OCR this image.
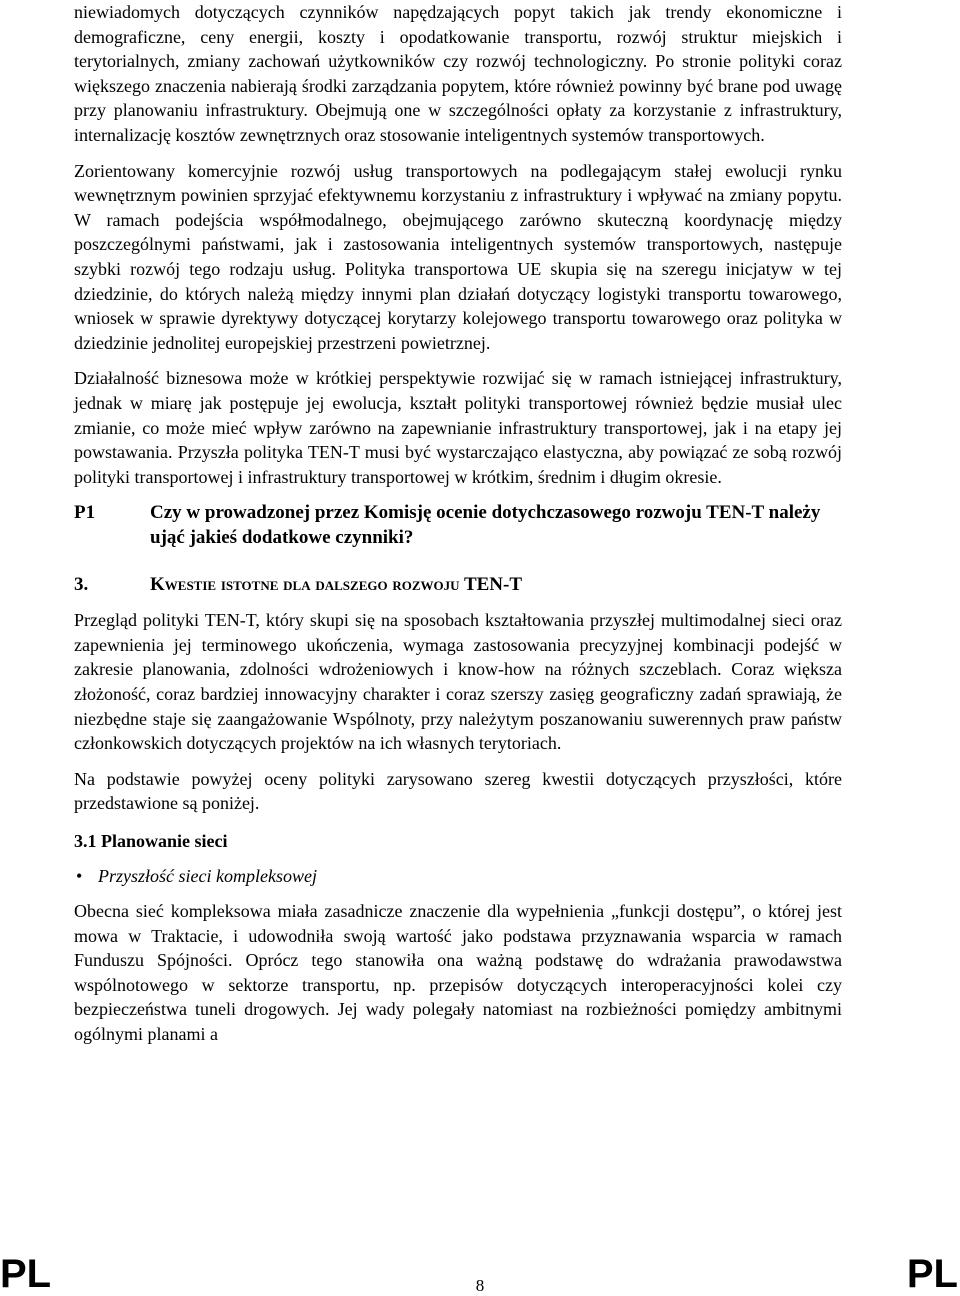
niewiadomych dotyczących czynników napędzających popyt takich jak trendy ekonomiczne i demograficzne, ceny energii, koszty i opodatkowanie transportu, rozwój struktur miejskich i terytorialnych, zmiany zachowań użytkowników czy rozwój technologiczny. Po stronie polityki coraz większego znaczenia nabierają środki zarządzania popytem, które również powinny być brane pod uwagę przy planowaniu infrastruktury. Obejmują one w szczególności opłaty za korzystanie z infrastruktury, internalizację kosztów zewnętrznych oraz stosowanie inteligentnych systemów transportowych.

Zorientowany komercyjnie rozwój usług transportowych na podlegającym stałej ewolucji rynku wewnętrznym powinien sprzyjać efektywnemu korzystaniu z infrastruktury i wpływać na zmiany popytu. W ramach podejścia współmodalnego, obejmującego zarówno skuteczną koordynację między poszczególnymi państwami, jak i zastosowania inteligentnych systemów transportowych, następuje szybki rozwój tego rodzaju usług. Polityka transportowa UE skupia się na szeregu inicjatyw w tej dziedzinie, do których należą między innymi plan działań dotyczący logistyki transportu towarowego, wniosek w sprawie dyrektywy dotyczącej korytarzy kolejowego transportu towarowego oraz polityka w dziedzinie jednolitej europejskiej przestrzeni powietrznej.

Działalność biznesowa może w krótkiej perspektywie rozwijać się w ramach istniejącej infrastruktury, jednak w miarę jak postępuje jej ewolucja, kształt polityki transportowej również będzie musiał ulec zmianie, co może mieć wpływ zarówno na zapewnianie infrastruktury transportowej, jak i na etapy jej powstawania. Przyszła polityka TEN-T musi być wystarczająco elastyczna, aby powiązać ze sobą rozwój polityki transportowej i infrastruktury transportowej w krótkim, średnim i długim okresie.

P1	Czy w prowadzonej przez Komisję ocenie dotychczasowego rozwoju TEN-T należy ująć jakieś dodatkowe czynniki?
3.	Kwestie istotne dla dalszego rozwoju TEN-T

Przegląd polityki TEN-T, który skupi się na sposobach kształtowania przyszłej multimodalnej sieci oraz zapewnienia jej terminowego ukończenia, wymaga zastosowania precyzyjnej kombinacji podejść w zakresie planowania, zdolności wdrożeniowych i know-how na różnych szczeblach. Coraz większa złożoność, coraz bardziej innowacyjny charakter i coraz szerszy zasięg geograficzny zadań sprawiają, że niezbędne staje się zaangażowanie Wspólnoty, przy należytym poszanowaniu suwerennych praw państw członkowskich dotyczących projektów na ich własnych terytoriach.

Na podstawie powyżej oceny polityki zarysowano szereg kwestii dotyczących przyszłości, które przedstawione są poniżej.

3.1 Planowanie sieci
• Przyszłość sieci kompleksowej

Obecna sieć kompleksowa miała zasadnicze znaczenie dla wypełnienia „funkcji dostępu”, o której jest mowa w Traktacie, i udowodniła swoją wartość jako podstawa przyznawania wsparcia w ramach Funduszu Spójności. Oprócz tego stanowiła ona ważną podstawę do wdrażania prawodawstwa wspólnotowego w sektorze transportu, np. przepisów dotyczących interoperacyjności kolei czy bezpieczeństwa tuneli drogowych. Jej wady polegały natomiast na rozbieżności pomiędzy ambitnymi ogólnymi planami a

PL	8	PL
